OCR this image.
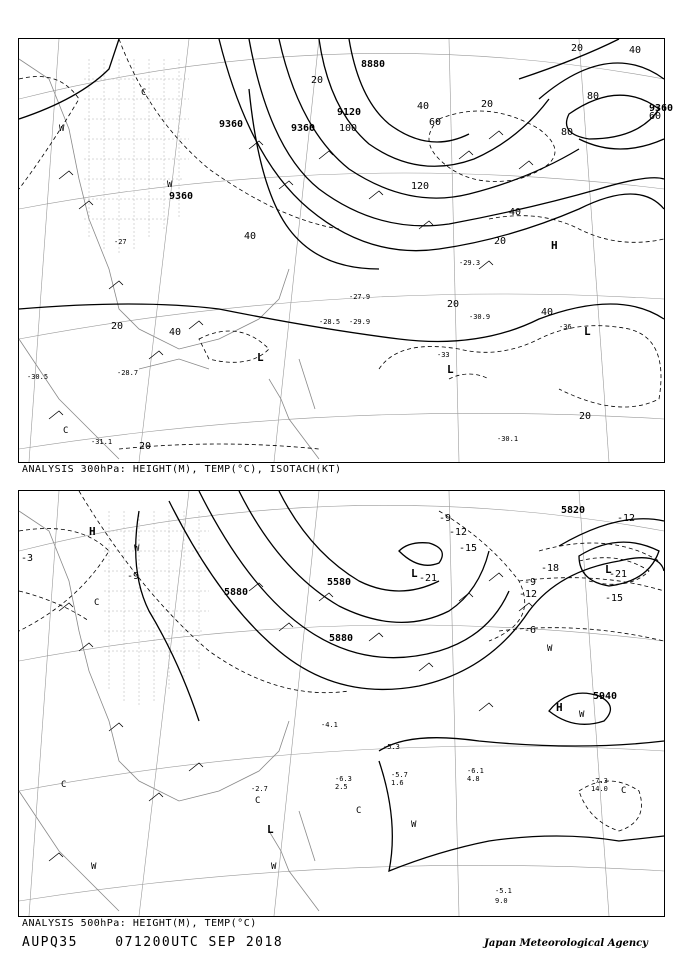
9360
9120
8880
9360
9360
9360
20	40
40
60
80
100
120
20
40
20
20
40
20
40
60
80
20
40
20
20
H
L
L
L
W
W
C
C
-27
-27.9
-28.5
-29.3
-30.9
-33
-36
-30.1
-28.7
-31.1
-29.9
-30.5
ANALYSIS 300hPa: HEIGHT(M), TEMP(°C), ISOTACH(KT)
5820
5880
5580
5940
5880
-3
-9
-12
-6
-9
-12	-15
-18
-21
-21
-15
-12
-9
H
H
L	L
L
W
W
W
W
W	W
C
C
C
C
C
-4.1
-5.3
-5.7	-6.1
-7.3
-5.1
-6.3
-2.7	14.0
4.8
9.0
1.6
2.5
ANALYSIS 500hPa: HEIGHT(M), TEMP(°C)
AUPQ35	071200UTC SEP 2018	Japan Meteorological Agency
